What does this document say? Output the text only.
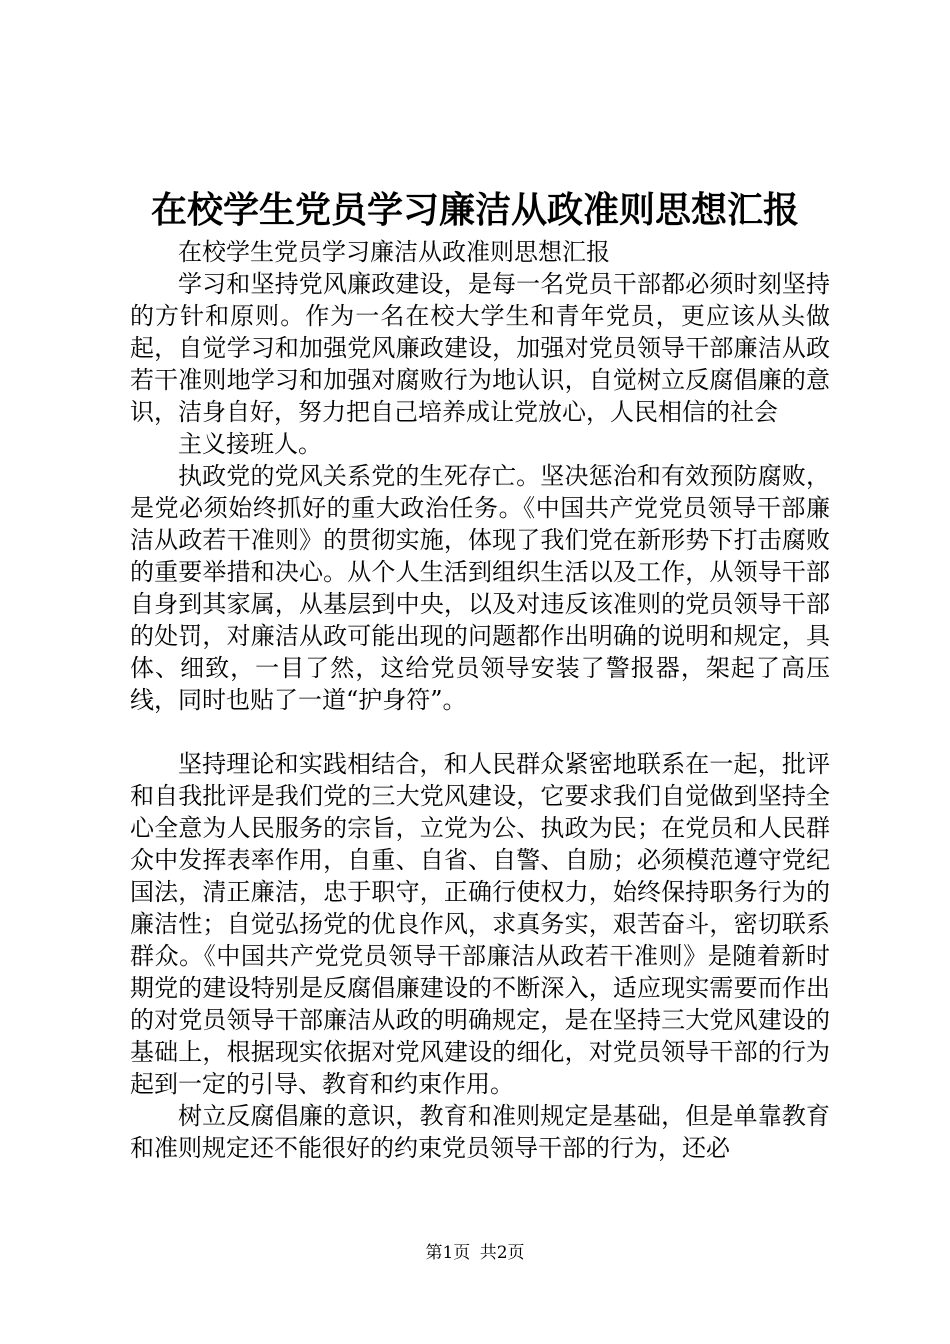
在校学生党员学习廉洁从政准则思想汇报

在校学生党员学习廉洁从政准则思想汇报

学习和坚持党风廉政建设，是每一名党员干部都必须时刻坚持的方针和原则。作为一名在校大学生和青年党员，更应该从头做起，自觉学习和加强党风廉政建设，加强对党员领导干部廉洁从政若干准则地学习和加强对腐败行为地认识，自觉树立反腐倡廉的意识，洁身自好，努力把自己培养成让党放心，人民相信的社会

主义接班人。

执政党的党风关系党的生死存亡。坚决惩治和有效预防腐败，是党必须始终抓好的重大政治任务。《中国共产党党员领导干部廉洁从政若干准则》的贯彻实施，体现了我们党在新形势下打击腐败的重要举措和决心。从个人生活到组织生活以及工作，从领导干部自身到其家属，从基层到中央，以及对违反该准则的党员领导干部的处罚，对廉洁从政可能出现的问题都作出明确的说明和规定，具体、细致，一目了然，这给党员领导安装了警报器，架起了高压线，同时也贴了一道“护身符”。

坚持理论和实践相结合，和人民群众紧密地联系在一起，批评和自我批评是我们党的三大党风建设，它要求我们自觉做到坚持全心全意为人民服务的宗旨，立党为公、执政为民；在党员和人民群众中发挥表率作用，自重、自省、自警、自励；必须模范遵守党纪国法，清正廉洁，忠于职守，正确行使权力，始终保持职务行为的廉洁性；自觉弘扬党的优良作风，求真务实，艰苦奋斗，密切联系群众。《中国共产党党员领导干部廉洁从政若干准则》是随着新时期党的建设特别是反腐倡廉建设的不断深入，适应现实需要而作出的对党员领导干部廉洁从政的明确规定，是在坚持三大党风建设的基础上，根据现实依据对党风建设的细化，对党员领导干部的行为起到一定的引导、教育和约束作用。

树立反腐倡廉的意识，教育和准则规定是基础，但是单靠教育和准则规定还不能很好的约束党员领导干部的行为，还必

第1页 共2页
